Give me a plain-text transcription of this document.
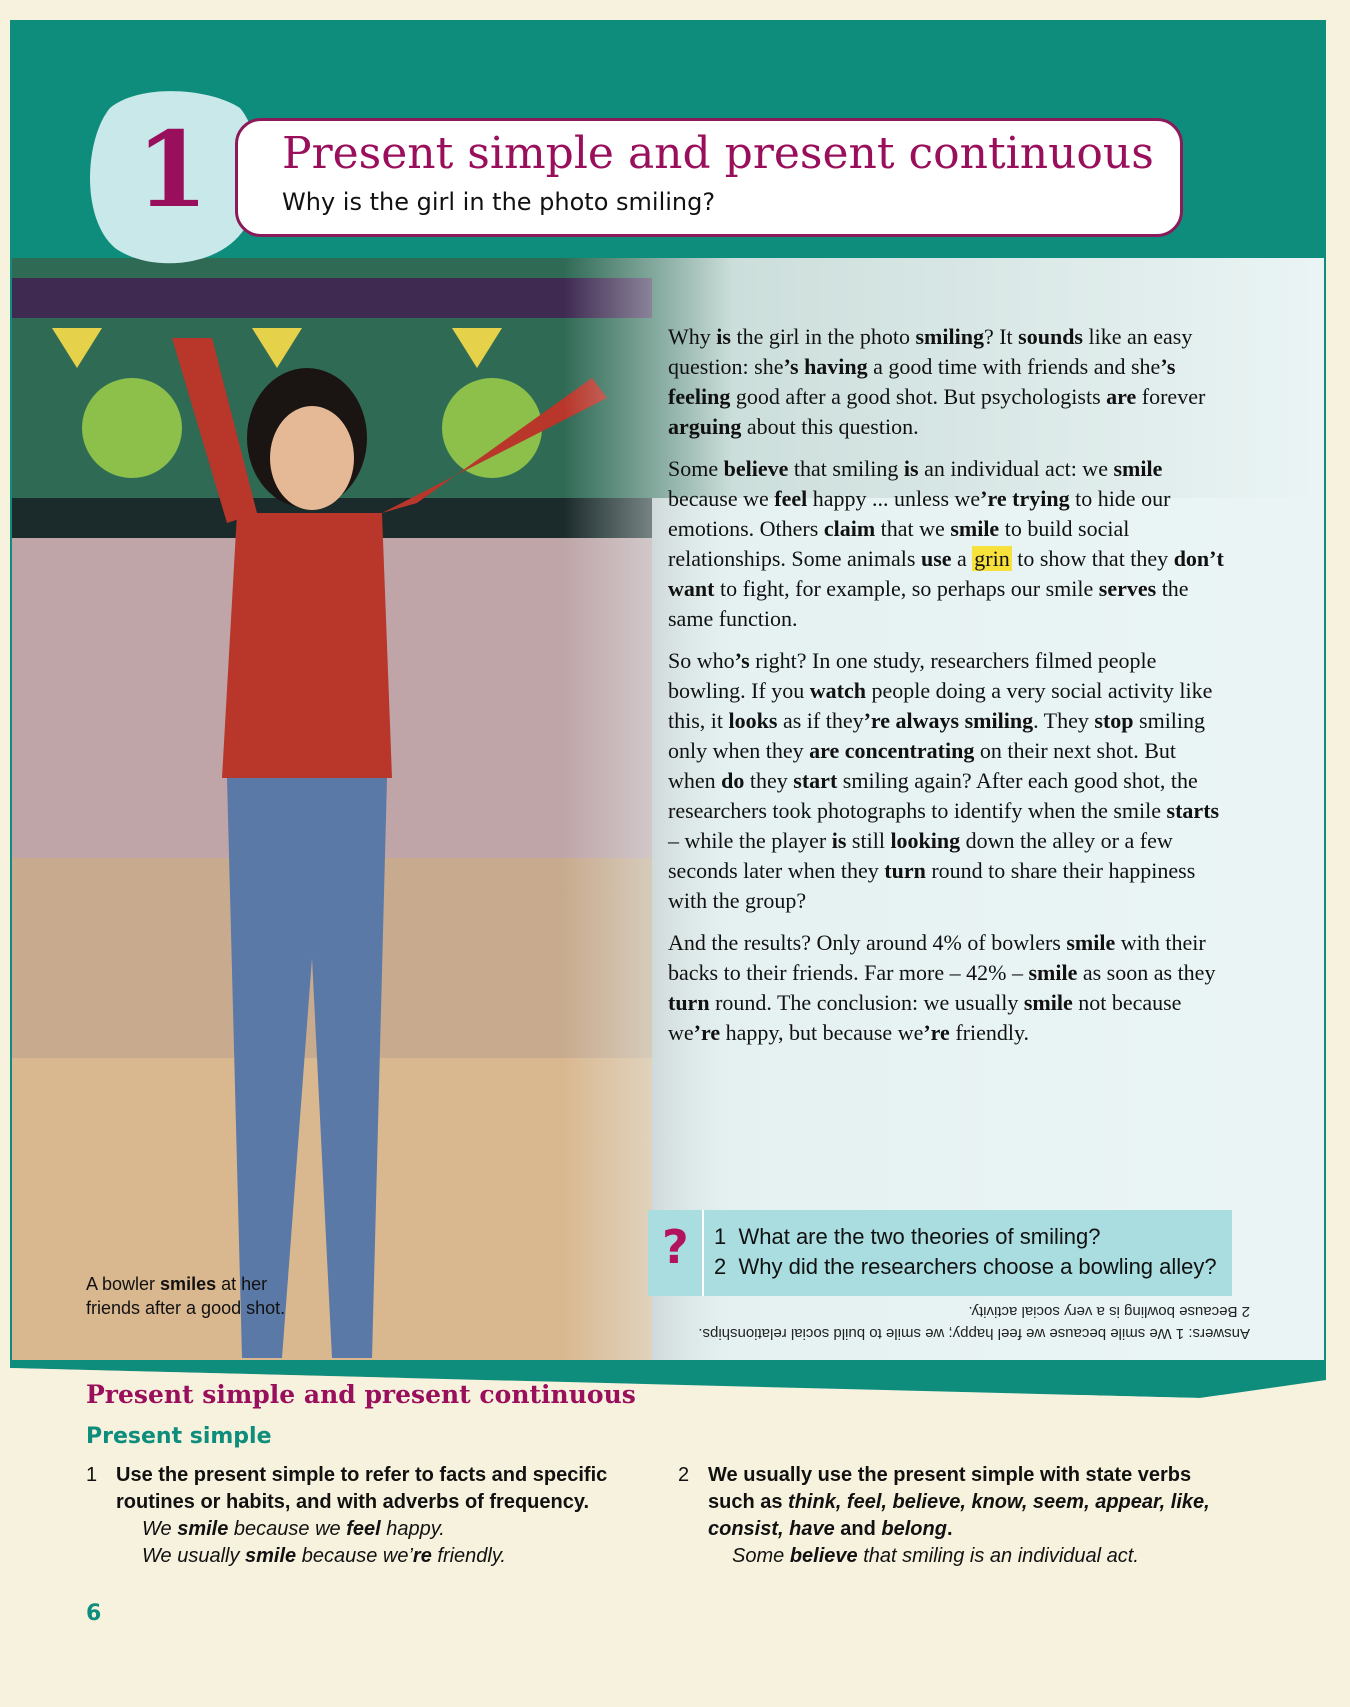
1 Present simple and present continuous
Why is the girl in the photo smiling?

Why is the girl in the photo smiling? It sounds like an easy question: she’s having a good time with friends and she’s feeling good after a good shot. But psychologists are forever arguing about this question.

Some believe that smiling is an individual act: we smile because we feel happy ... unless we’re trying to hide our emotions. Others claim that we smile to build social relationships. Some animals use a grin to show that they don’t want to fight, for example, so perhaps our smile serves the same function.

So who’s right? In one study, researchers filmed people bowling. If you watch people doing a very social activity like this, it looks as if they’re always smiling. They stop smiling only when they are concentrating on their next shot. But when do they start smiling again? After each good shot, the researchers took photographs to identify when the smile starts – while the player is still looking down the alley or a few seconds later when they turn round to share their happiness with the group?

And the results? Only around 4% of bowlers smile with their backs to their friends. Far more – 42% – smile as soon as they turn round. The conclusion: we usually smile not because we’re happy, but because we’re friendly.

A bowler smiles at her friends after a good shot.
? 1 What are the two theories of smiling?
2 Why did the researchers choose a bowling alley?
Answers: 1 We smile because we feel happy; we smile to build social relationships. 2 Because bowling is a very social activity.
Present simple and present continuous
Present simple
1 Use the present simple to refer to facts and specific routines or habits, and with adverbs of frequency.
We smile because we feel happy.
We usually smile because we’re friendly.
2 We usually use the present simple with state verbs such as think, feel, believe, know, seem, appear, like, consist, have and belong.
Some believe that smiling is an individual act.
6
